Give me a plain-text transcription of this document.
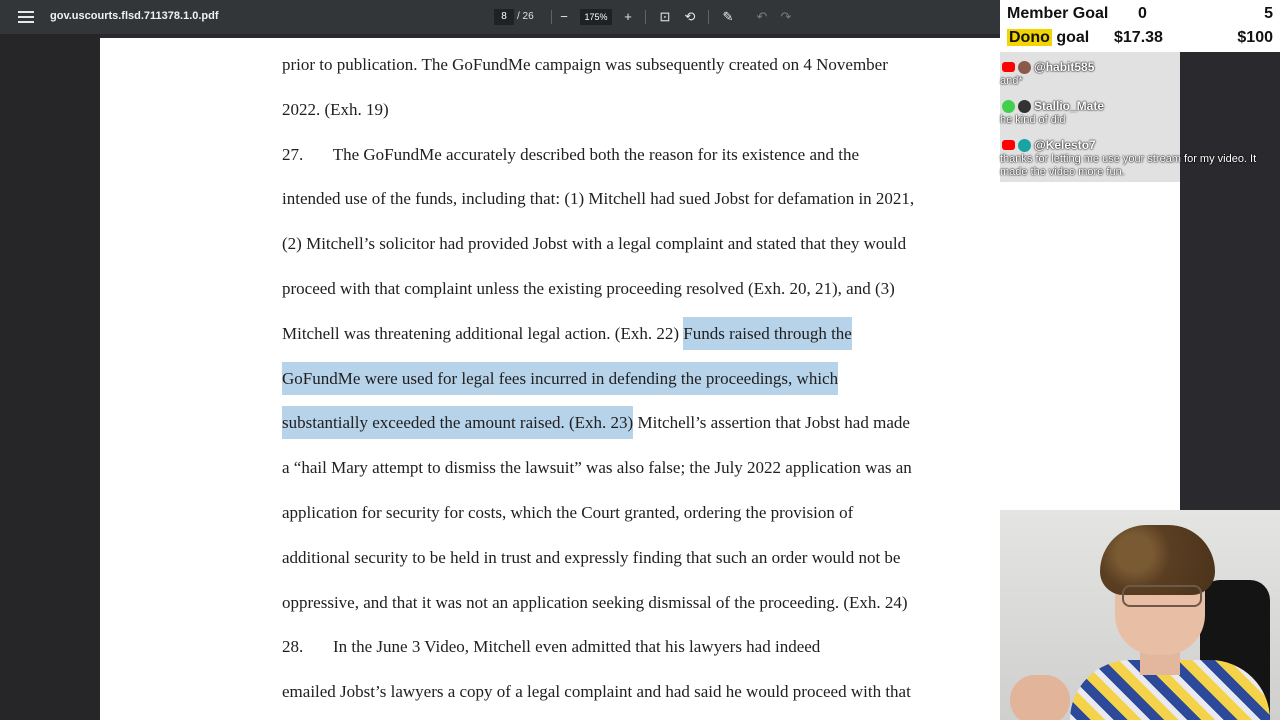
gov.uscourts.flsd.711378.1.0.pdf	8	/ 26	−	175%	+	⊡	⟲	✎	↶	↷
prior to publication. The GoFundMe campaign was subsequently created on 4 November
2022. (Exh. 19)
27.       The GoFundMe accurately described both the reason for its existence and the
intended use of the funds, including that: (1) Mitchell had sued Jobst for defamation in 2021,
(2) Mitchell’s solicitor had provided Jobst with a legal complaint and stated that they would
proceed with that complaint unless the existing proceeding resolved (Exh. 20, 21), and (3)
Mitchell was threatening additional legal action. (Exh. 22) Funds raised through the
GoFundMe were used for legal fees incurred in defending the proceedings, which
substantially exceeded the amount raised. (Exh. 23) Mitchell’s assertion that Jobst had made
a “hail Mary attempt to dismiss the lawsuit” was also false; the July 2022 application was an
application for security for costs, which the Court granted, ordering the provision of
additional security to be held in trust and expressly finding that such an order would not be
oppressive, and that it was not an application seeking dismissal of the proceeding. (Exh. 24)
28.       In the June 3 Video, Mitchell even admitted that his lawyers had indeed
emailed Jobst’s lawyers a copy of a legal complaint and had said he would proceed with that
Member Goal 0	5
Dono goal	$17.38	$100
@habit585
and*
Stallio_Mate
he kind of did
@Kelesto7
thanks for letting me use your stream for my video. It made the video more fun.
